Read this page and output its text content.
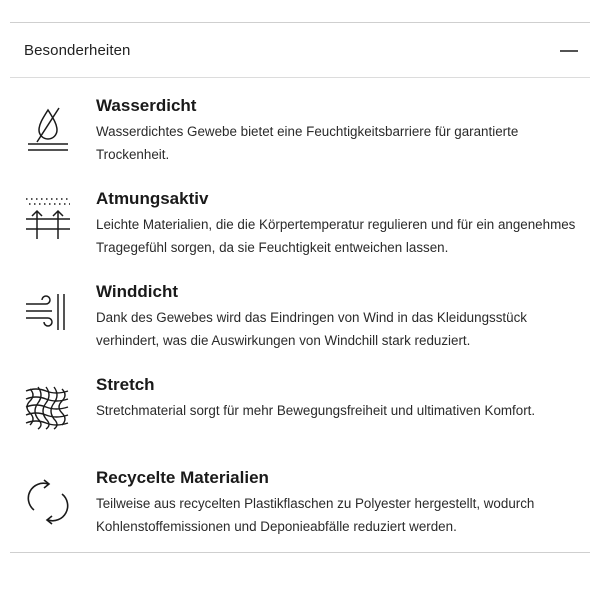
Besonderheiten
Wasserdicht
Wasserdichtes Gewebe bietet eine Feuchtigkeitsbarriere für garantierte Trockenheit.
Atmungsaktiv
Leichte Materialien, die die Körpertemperatur regulieren und für ein angenehmes Tragegefühl sorgen, da sie Feuchtigkeit entweichen lassen.
Winddicht
Dank des Gewebes wird das Eindringen von Wind in das Kleidungsstück verhindert, was die Auswirkungen von Windchill stark reduziert.
Stretch
Stretchmaterial sorgt für mehr Bewegungsfreiheit und ultimativen Komfort.
Recycelte Materialien
Teilweise aus recycelten Plastikflaschen zu Polyester hergestellt, wodurch Kohlenstoffemissionen und Deponieabfälle reduziert werden.
